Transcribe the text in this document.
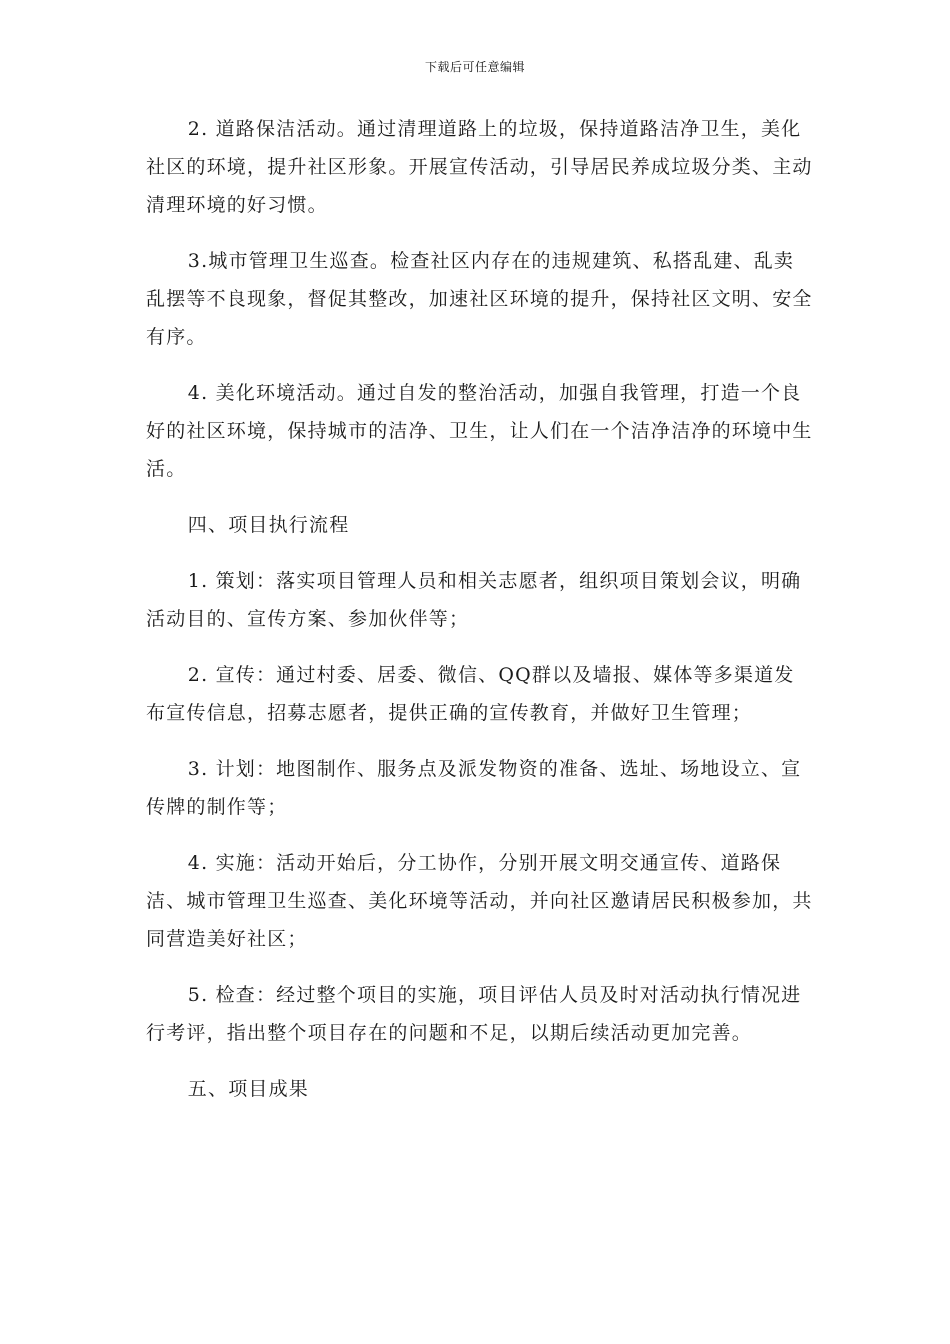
下载后可任意编辑

2. 道路保洁活动。通过清理道路上的垃圾，保持道路洁净卫生，美化社区的环境，提升社区形象。开展宣传活动，引导居民养成垃圾分类、主动清理环境的好习惯。

3.城市管理卫生巡查。检查社区内存在的违规建筑、私搭乱建、乱卖乱摆等不良现象，督促其整改，加速社区环境的提升，保持社区文明、安全有序。

4. 美化环境活动。通过自发的整治活动，加强自我管理，打造一个良好的社区环境，保持城市的洁净、卫生，让人们在一个洁净洁净的环境中生活。

四、项目执行流程

1. 策划：落实项目管理人员和相关志愿者，组织项目策划会议，明确活动目的、宣传方案、参加伙伴等；

2. 宣传：通过村委、居委、微信、QQ群以及墙报、媒体等多渠道发布宣传信息，招募志愿者，提供正确的宣传教育，并做好卫生管理；

3. 计划：地图制作、服务点及派发物资的准备、选址、场地设立、宣传牌的制作等；

4. 实施：活动开始后，分工协作，分别开展文明交通宣传、道路保洁、城市管理卫生巡查、美化环境等活动，并向社区邀请居民积极参加，共同营造美好社区；

5. 检查：经过整个项目的实施，项目评估人员及时对活动执行情况进行考评，指出整个项目存在的问题和不足，以期后续活动更加完善。

五、项目成果
